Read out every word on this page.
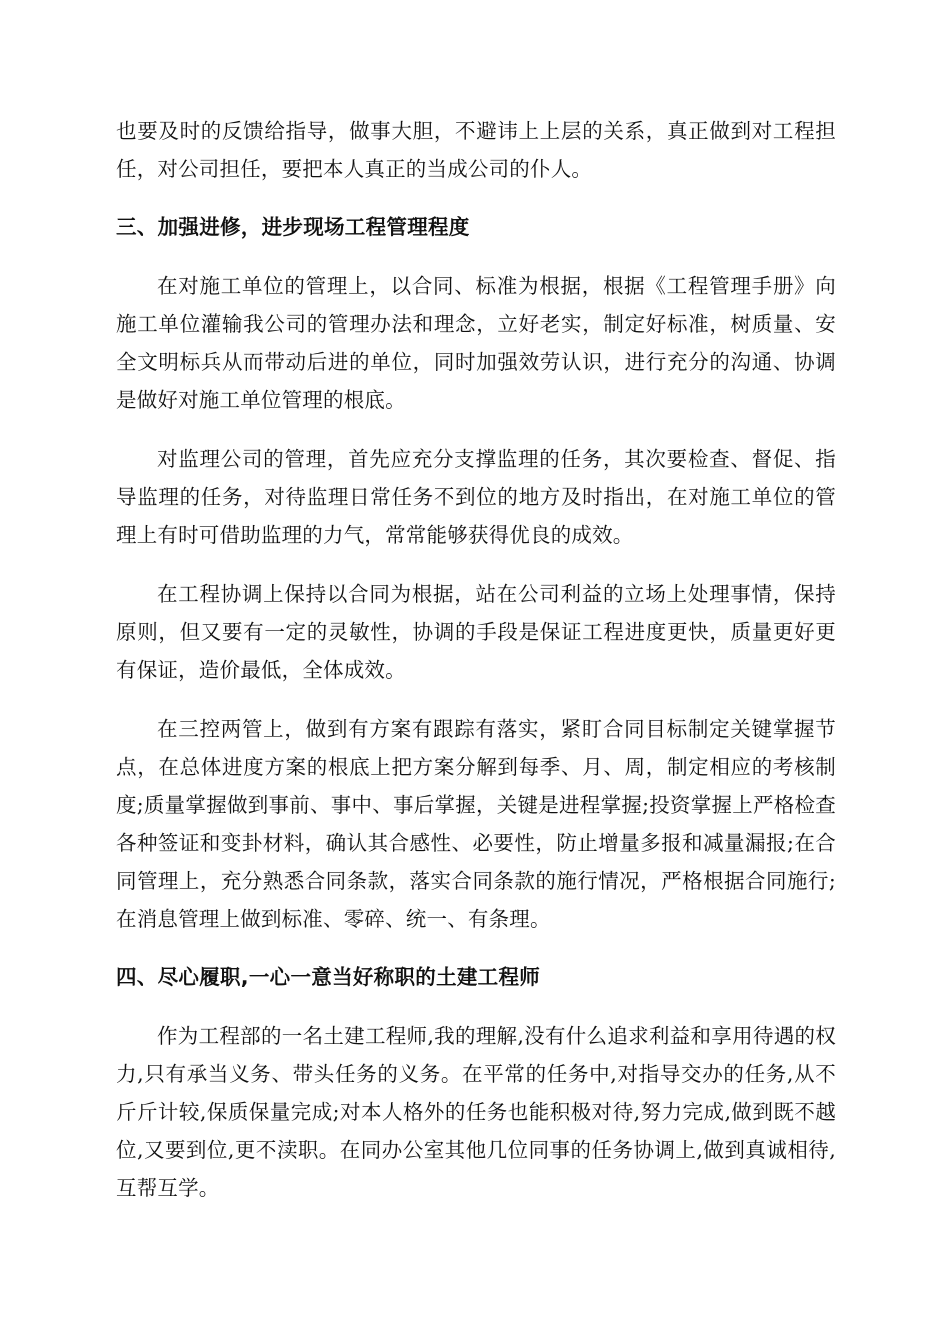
也要及时的反馈给指导，做事大胆，不避讳上上层的关系，真正做到对工程担任，对公司担任，要把本人真正的当成公司的仆人。

三、加强进修，进步现场工程管理程度

在对施工单位的管理上，以合同、标准为根据，根据《工程管理手册》向施工单位灌输我公司的管理办法和理念，立好老实，制定好标准，树质量、安全文明标兵从而带动后进的单位，同时加强效劳认识，进行充分的沟通、协调是做好对施工单位管理的根底。

对监理公司的管理，首先应充分支撑监理的任务，其次要检查、督促、指导监理的任务，对待监理日常任务不到位的地方及时指出，在对施工单位的管理上有时可借助监理的力气，常常能够获得优良的成效。

在工程协调上保持以合同为根据，站在公司利益的立场上处理事情，保持原则，但又要有一定的灵敏性，协调的手段是保证工程进度更快，质量更好更有保证，造价最低，全体成效。

在三控两管上，做到有方案有跟踪有落实，紧盯合同目标制定关键掌握节点，在总体进度方案的根底上把方案分解到每季、月、周，制定相应的考核制度;质量掌握做到事前、事中、事后掌握，关键是进程掌握;投资掌握上严格检查各种签证和变卦材料，确认其合感性、必要性，防止增量多报和减量漏报;在合同管理上，充分熟悉合同条款，落实合同条款的施行情况，严格根据合同施行;在消息管理上做到标准、零碎、统一、有条理。

四、尽心履职,一心一意当好称职的土建工程师

作为工程部的一名土建工程师,我的理解,没有什么追求利益和享用待遇的权力,只有承当义务、带头任务的义务。在平常的任务中,对指导交办的任务,从不斤斤计较,保质保量完成;对本人格外的任务也能积极对待,努力完成,做到既不越位,又要到位,更不渎职。在同办公室其他几位同事的任务协调上,做到真诚相待,互帮互学。
